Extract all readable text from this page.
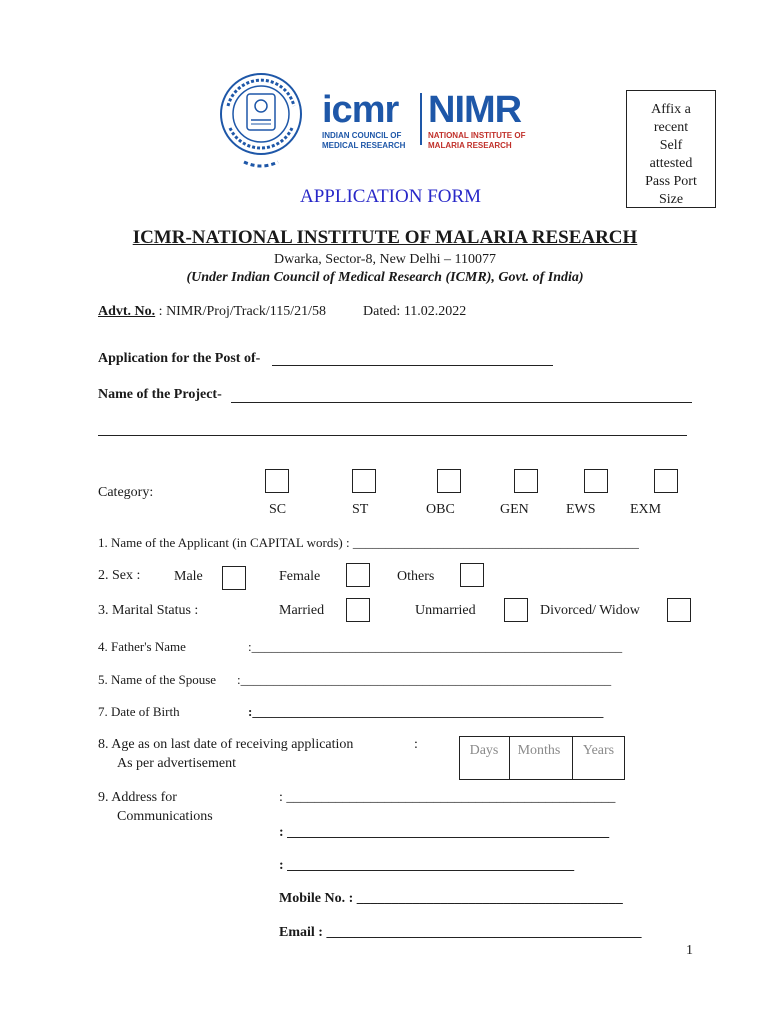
icmr
INDIAN COUNCIL OF
MEDICAL RESEARCH
NIMR
NATIONAL INSTITUTE OF
MALARIA RESEARCH
Affix a
recent
Self
attested
Pass Port
Size
APPLICATION FORM
ICMR-NATIONAL INSTITUTE OF MALARIA RESEARCH
Dwarka, Sector-8, New Delhi – 110077
(Under Indian Council of Medical Research (ICMR), Govt. of India)
Advt. No. : NIMR/Proj/Track/115/21/58	Dated: 11.02.2022
Application for the Post of-
Name of the Project-
Category:
SC	ST	OBC	GEN	EWS EXM
1. Name of the Applicant (in CAPITAL words) : ____________________________________________
2. Sex : Male	Female	Others
3. Marital Status :	Married	Unmarried	Divorced/ Widow
4. Father's Name	:_________________________________________________________
5. Name of the Spouse :_________________________________________________________
7. Date of Birth	:______________________________________________________
8. Age as on last date of receiving application
As per advertisement
:	Days	Months	Years
9. Address for
Communications
: _______________________________________________
: ______________________________________________
: _________________________________________
Mobile No. : ______________________________________
Email : _____________________________________________
1
